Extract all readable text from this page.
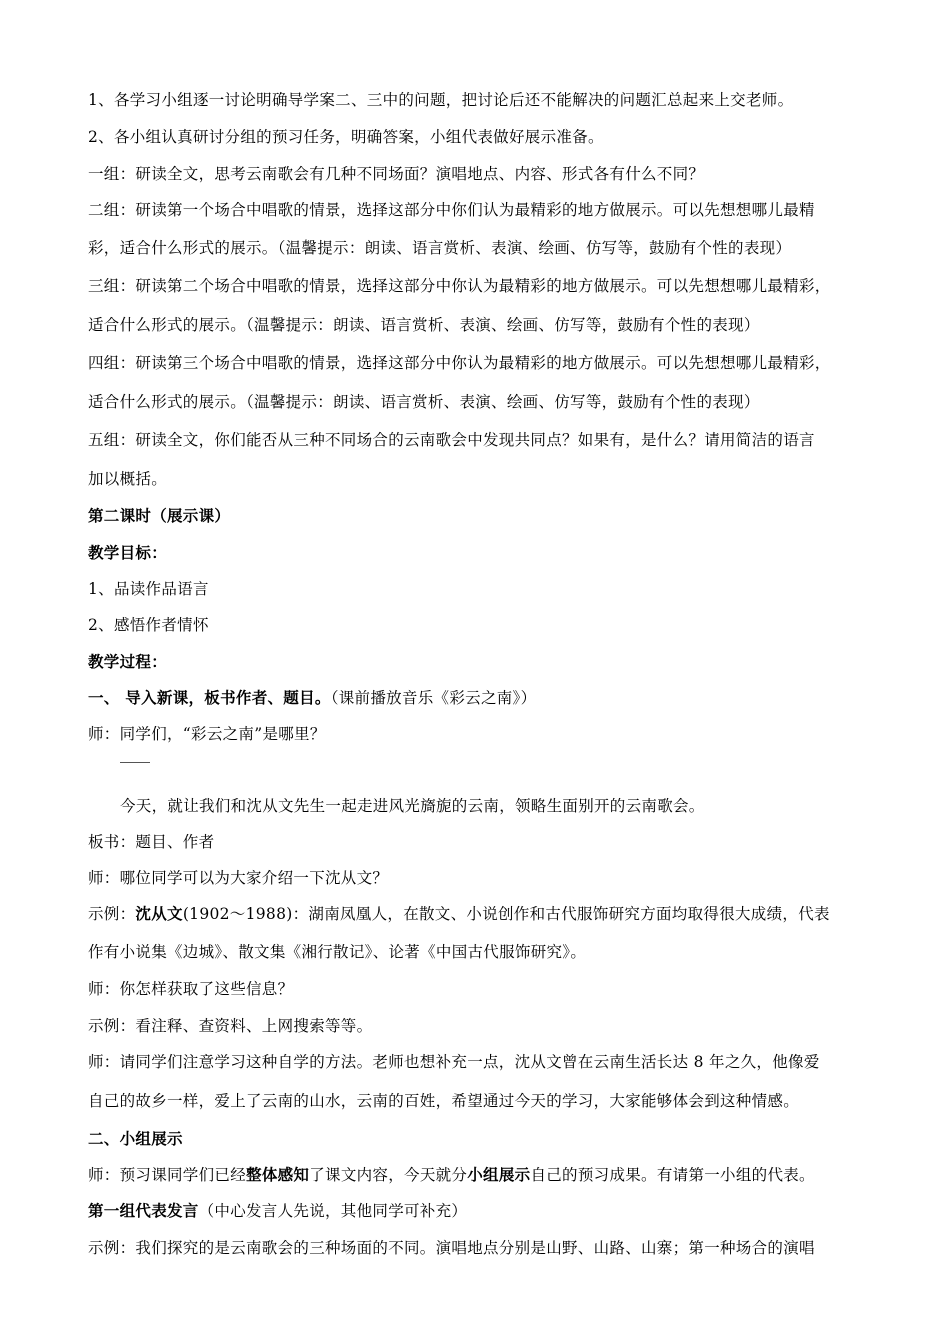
1、各学习小组逐一讨论明确导学案二、三中的问题，把讨论后还不能解决的问题汇总起来上交老师。
2、各小组认真研讨分组的预习任务，明确答案，小组代表做好展示准备。
一组：研读全文，思考云南歌会有几种不同场面？演唱地点、内容、形式各有什么不同？
二组：研读第一个场合中唱歌的情景，选择这部分中你们认为最精彩的地方做展示。可以先想想哪儿最精
彩，适合什么形式的展示。（温馨提示：朗读、语言赏析、表演、绘画、仿写等，鼓励有个性的表现）
三组：研读第二个场合中唱歌的情景，选择这部分中你认为最精彩的地方做展示。可以先想想哪儿最精彩，
适合什么形式的展示。（温馨提示：朗读、语言赏析、表演、绘画、仿写等，鼓励有个性的表现）
四组：研读第三个场合中唱歌的情景，选择这部分中你认为最精彩的地方做展示。可以先想想哪儿最精彩，
适合什么形式的展示。（温馨提示：朗读、语言赏析、表演、绘画、仿写等，鼓励有个性的表现）
五组：研读全文，你们能否从三种不同场合的云南歌会中发现共同点？如果有，是什么？请用简洁的语言
加以概括。
第二课时（展示课）
教学目标：
1、品读作品语言
2、感悟作者情怀
教学过程：
一、 导入新课，板书作者、题目。（课前播放音乐《彩云之南》）
师：同学们，“彩云之南”是哪里？
今天，就让我们和沈从文先生一起走进风光旖旎的云南，领略生面别开的云南歌会。
板书：题目、作者
师：哪位同学可以为大家介绍一下沈从文？
示例：沈从文(1902～1988)：湖南凤凰人，在散文、小说创作和古代服饰研究方面均取得很大成绩，代表
作有小说集《边城》、散文集《湘行散记》、论著《中国古代服饰研究》。
师：你怎样获取了这些信息？
示例：看注释、查资料、上网搜索等等。
师：请同学们注意学习这种自学的方法。老师也想补充一点，沈从文曾在云南生活长达 8 年之久，他像爱
自己的故乡一样，爱上了云南的山水，云南的百姓，希望通过今天的学习，大家能够体会到这种情感。
二、小组展示
师：预习课同学们已经整体感知了课文内容，今天就分小组展示自己的预习成果。有请第一小组的代表。
第一组代表发言（中心发言人先说，其他同学可补充）
示例：我们探究的是云南歌会的三种场面的不同。演唱地点分别是山野、山路、山寨；第一种场合的演唱
